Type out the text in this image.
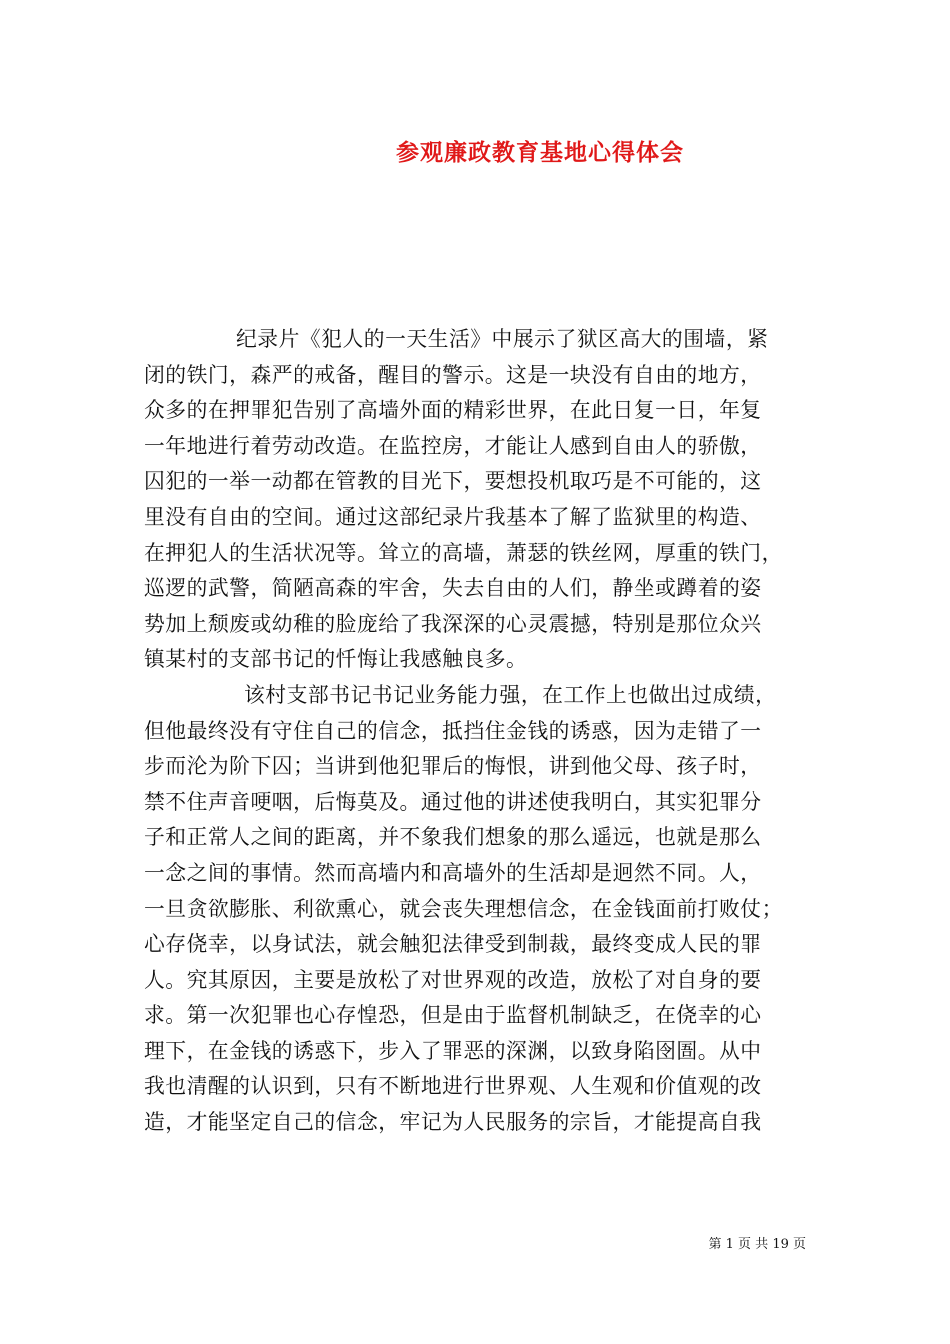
参观廉政教育基地心得体会
纪录片《犯人的一天生活》中展示了狱区高大的围墙，紧
闭的铁门，森严的戒备，醒目的警示。这是一块没有自由的地方，
众多的在押罪犯告别了高墙外面的精彩世界，在此日复一日，年复
一年地进行着劳动改造。在监控房，才能让人感到自由人的骄傲，
囚犯的一举一动都在管教的目光下，要想投机取巧是不可能的，这
里没有自由的空间。通过这部纪录片我基本了解了监狱里的构造、
在押犯人的生活状况等。耸立的高墙，萧瑟的铁丝网，厚重的铁门，
巡逻的武警，简陋高森的牢舍，失去自由的人们，静坐或蹲着的姿
势加上颓废或幼稚的脸庞给了我深深的心灵震撼，特别是那位众兴
镇某村的支部书记的忏悔让我感触良多。
该村支部书记书记业务能力强，在工作上也做出过成绩，
但他最终没有守住自己的信念，抵挡住金钱的诱惑，因为走错了一
步而沦为阶下囚；当讲到他犯罪后的悔恨，讲到他父母、孩子时，
禁不住声音哽咽，后悔莫及。通过他的讲述使我明白，其实犯罪分
子和正常人之间的距离，并不象我们想象的那么遥远，也就是那么
一念之间的事情。然而高墙内和高墙外的生活却是迥然不同。人，
一旦贪欲膨胀、利欲熏心，就会丧失理想信念，在金钱面前打败仗；
心存侥幸，以身试法，就会触犯法律受到制裁，最终变成人民的罪
人。究其原因，主要是放松了对世界观的改造，放松了对自身的要
求。第一次犯罪也心存惶恐，但是由于监督机制缺乏，在侥幸的心
理下，在金钱的诱惑下，步入了罪恶的深渊，以致身陷囹圄。从中
我也清醒的认识到，只有不断地进行世界观、人生观和价值观的改
造，才能坚定自己的信念，牢记为人民服务的宗旨，才能提高自我
第 1 页 共 19 页
